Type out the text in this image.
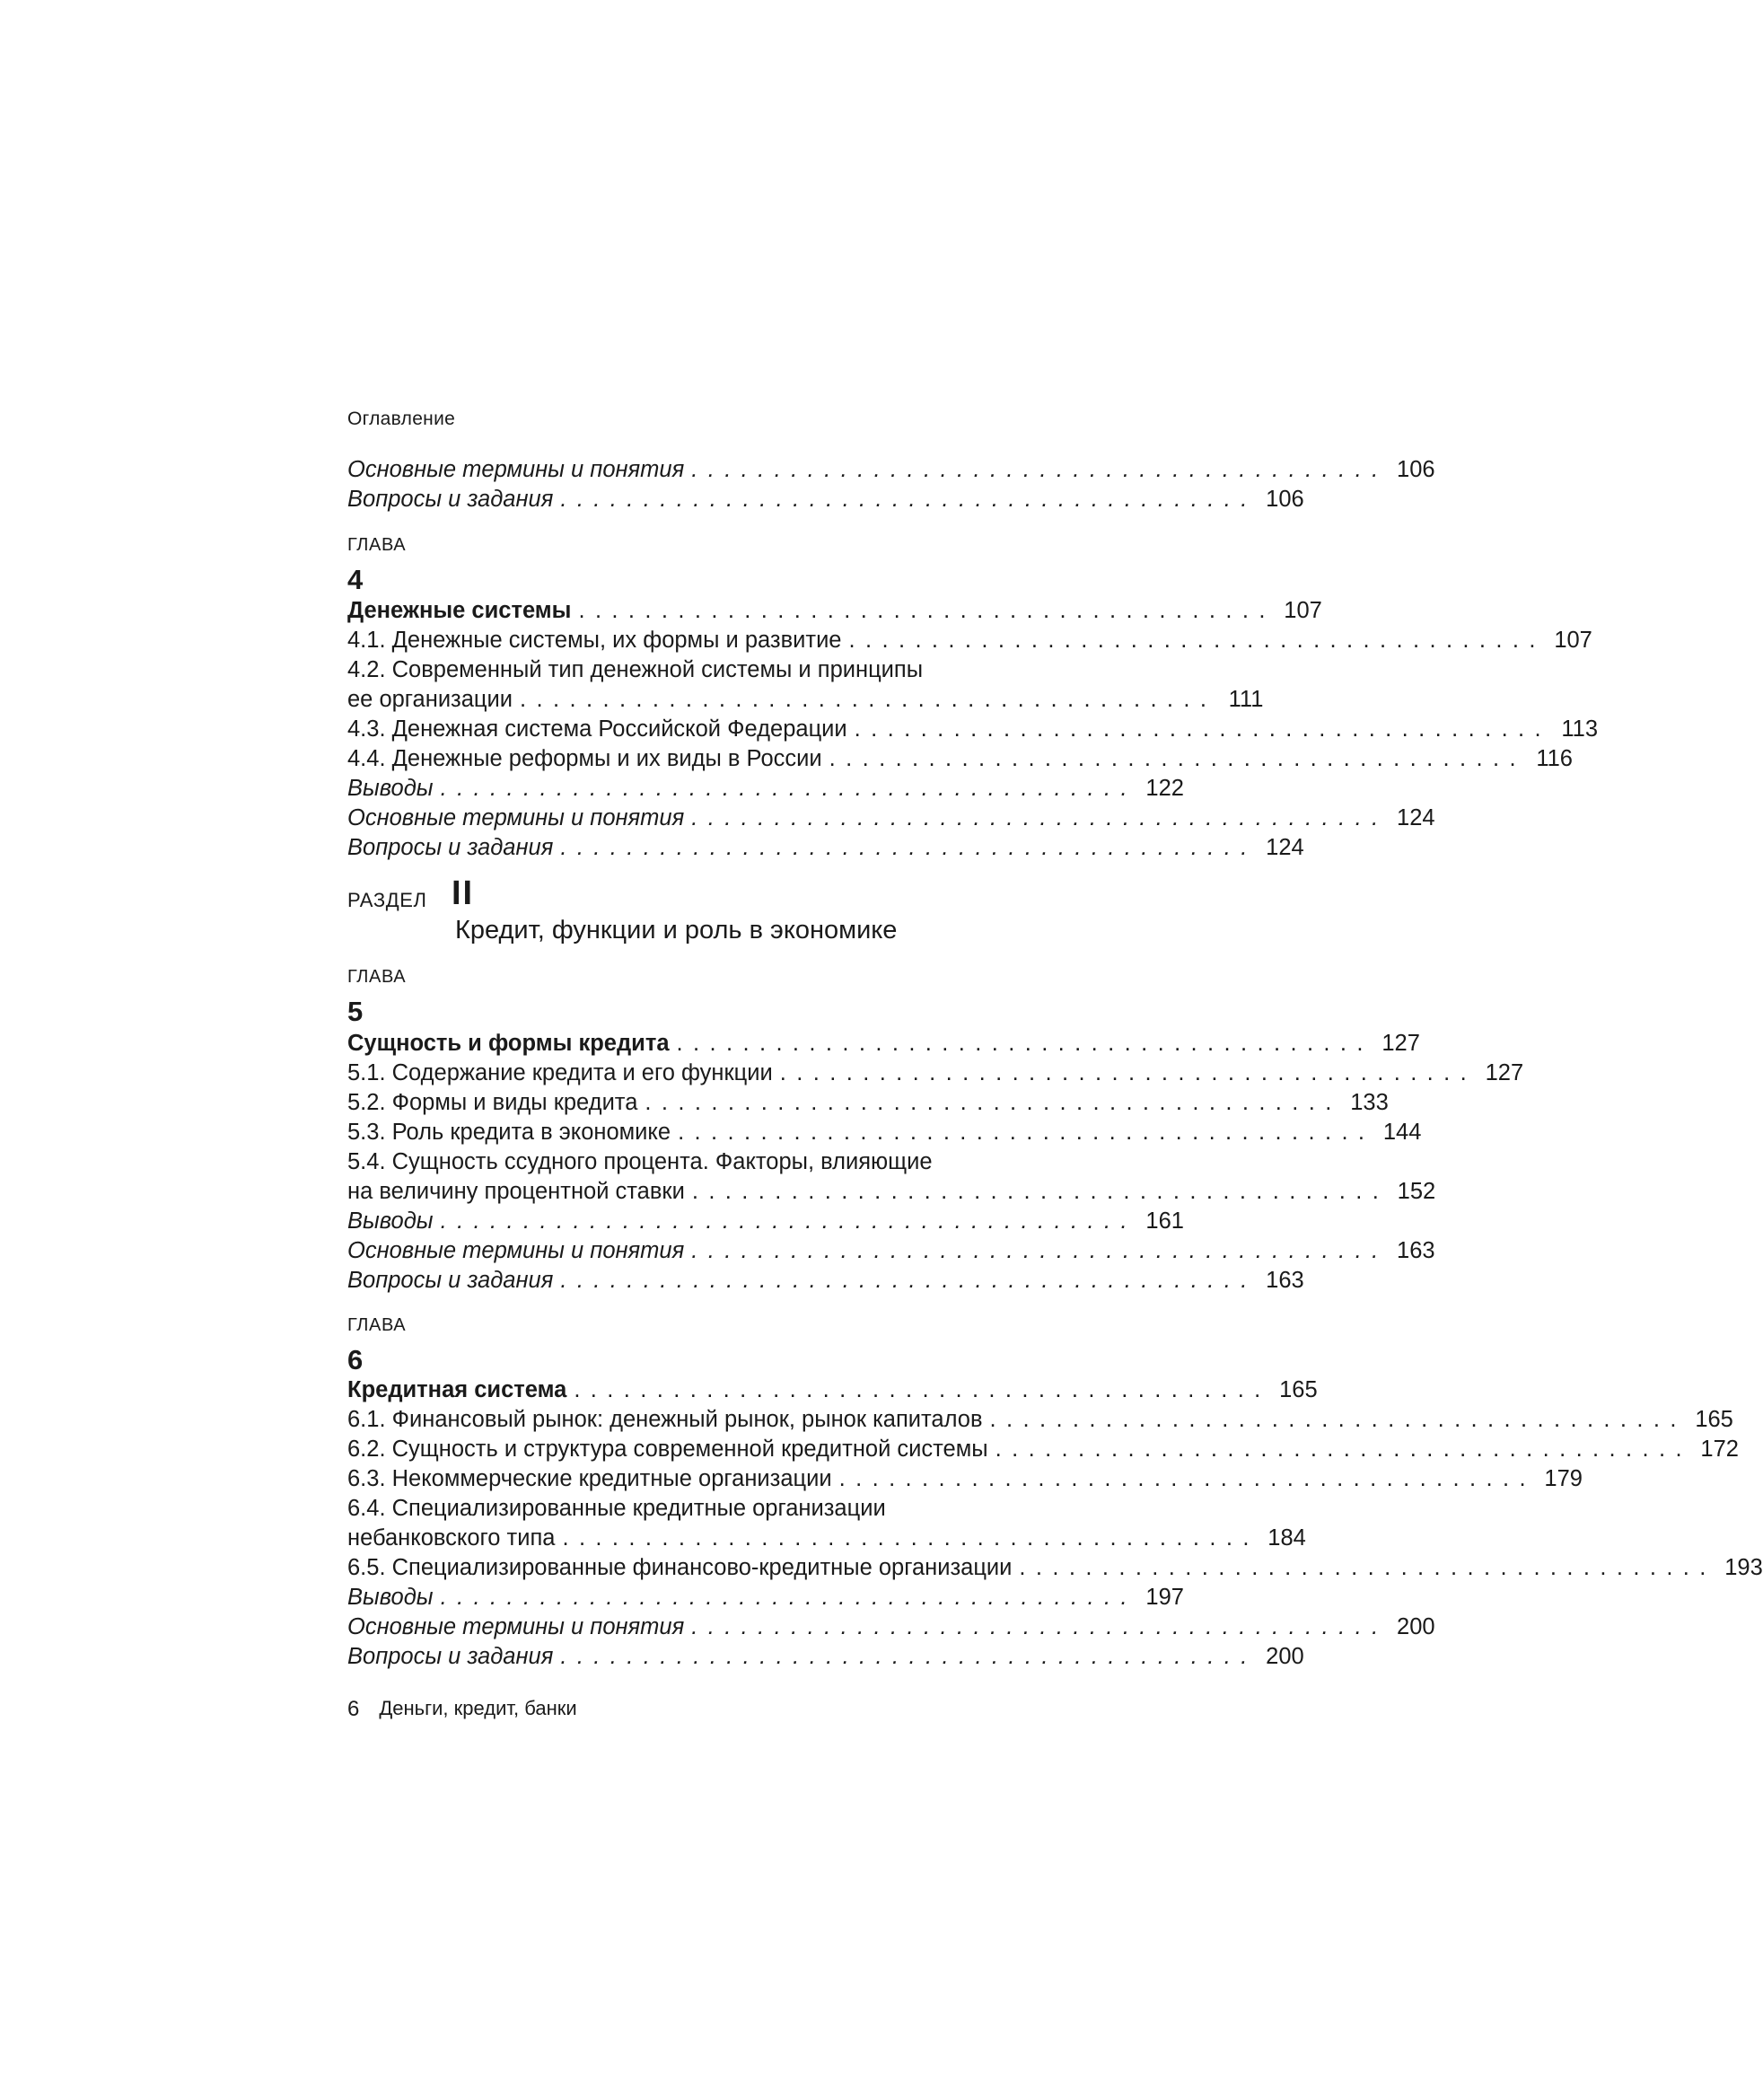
Оглавление
Основные термины и понятия .......................................... 106
Вопросы и задания .......................................... 106
ГЛАВА
4
Денежные системы .......................................... 107
4.1. Денежные системы, их формы и развитие .......................................... 107
4.2. Современный тип денежной системы и принципы
ее организации .......................................... 111
4.3. Денежная система Российской Федерации .......................................... 113
4.4. Денежные реформы и их виды в России .......................................... 116
Выводы .......................................... 122
Основные термины и понятия .......................................... 124
Вопросы и задания .......................................... 124
РАЗДЕЛ II
Кредит, функции и роль в экономике
ГЛАВА
5
Сущность и формы кредита .......................................... 127
5.1. Содержание кредита и его функции .......................................... 127
5.2. Формы и виды кредита .......................................... 133
5.3. Роль кредита в экономике .......................................... 144
5.4. Сущность ссудного процента. Факторы, влияющие
на величину процентной ставки .......................................... 152
Выводы .......................................... 161
Основные термины и понятия .......................................... 163
Вопросы и задания .......................................... 163
ГЛАВА
6
Кредитная система .......................................... 165
6.1. Финансовый рынок: денежный рынок, рынок капиталов .......................................... 165
6.2. Сущность и структура современной кредитной системы .......................................... 172
6.3. Некоммерческие кредитные организации .......................................... 179
6.4. Специализированные кредитные организации
небанковского типа .......................................... 184
6.5. Специализированные финансово-кредитные организации .......................................... 193
Выводы .......................................... 197
Основные термины и понятия .......................................... 200
Вопросы и задания .......................................... 200
6 Деньги, кредит, банки
